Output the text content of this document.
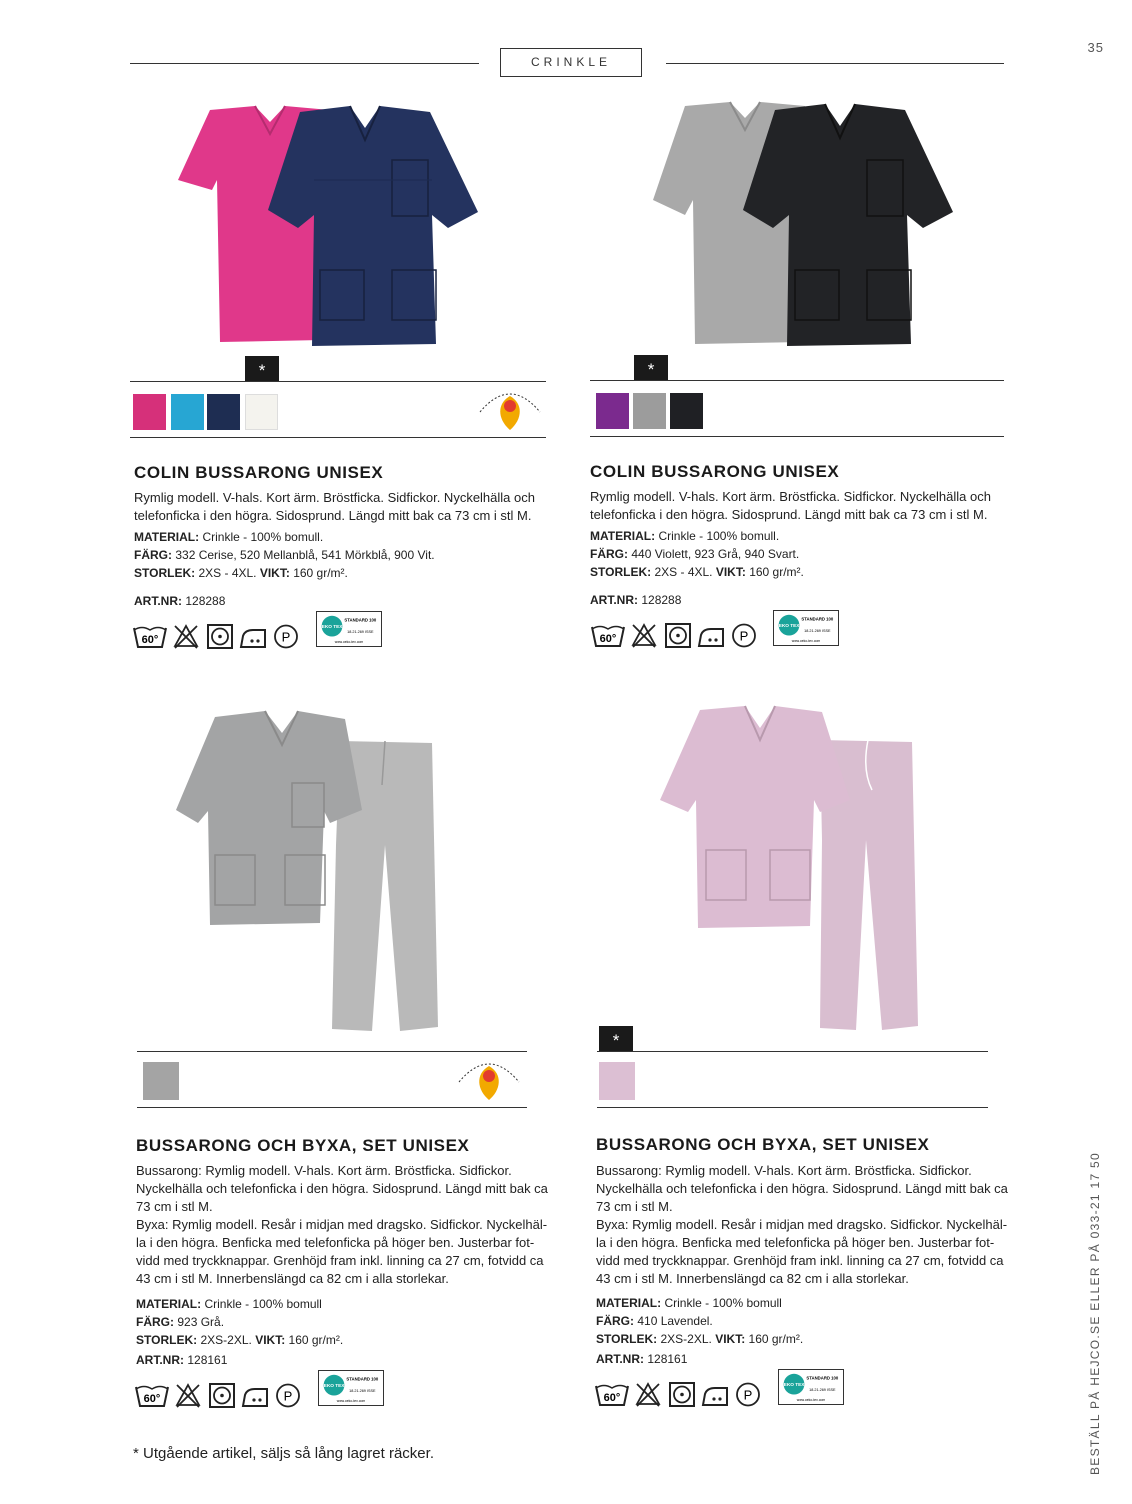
35
CRINKLE
*
COLIN BUSSARONG UNISEX
Rymlig modell. V-hals. Kort ärm. Bröstficka. Sidfickor. Nyckelhälla och telefonficka i den högra. Sidosprund. Längd mitt bak ca 73 cm i stl M.
MATERIAL: Crinkle - 100% bomull.
FÄRG: 332 Cerise, 520 Mellanblå, 541 Mörkblå, 900 Vit.
STORLEK: 2XS - 4XL. VIKT: 160 gr/m².
ART.NR: 128288
60°	P
OEKO TEX®
STANDARD 100
18.21.269 ISSE
www.oeko-tex.com
*
COLIN BUSSARONG UNISEX
Rymlig modell. V-hals. Kort ärm. Bröstficka. Sidfickor. Nyckelhälla och telefonficka i den högra. Sidosprund. Längd mitt bak ca 73 cm i stl M.
MATERIAL: Crinkle - 100% bomull.
FÄRG: 440 Violett, 923 Grå, 940 Svart.
STORLEK: 2XS - 4XL. VIKT: 160 gr/m².
ART.NR: 128288
60°	P
OEKO TEX®
STANDARD 100
18.21.269 ISSE
www.oeko-tex.com
BUSSARONG OCH BYXA, SET UNISEX
Bussarong: Rymlig modell. V-hals. Kort ärm. Bröstficka. Sidfickor. Nyckelhälla och telefonficka i den högra. Sidosprund. Längd mitt bak ca 73 cm i stl M.
Byxa: Rymlig modell. Resår i midjan med dragsko. Sidfickor. Nyckelhäl-la i den högra. Benficka med telefonficka på höger ben. Justerbar fot-vidd med tryckknappar. Grenhöjd fram inkl. linning ca 27 cm, fotvidd ca 43 cm i stl M. Innerbenslängd ca 82 cm i alla storlekar.
MATERIAL: Crinkle - 100% bomull
FÄRG: 923 Grå.
STORLEK: 2XS-2XL. VIKT: 160 gr/m².
ART.NR: 128161
60°	P
OEKO TEX®
STANDARD 100
18.21.269 ISSE
www.oeko-tex.com
*
BUSSARONG OCH BYXA, SET UNISEX
Bussarong: Rymlig modell. V-hals. Kort ärm. Bröstficka. Sidfickor. Nyckelhälla och telefonficka i den högra. Sidosprund. Längd mitt bak ca 73 cm i stl M.
Byxa: Rymlig modell. Resår i midjan med dragsko. Sidfickor. Nyckelhäl-la i den högra. Benficka med telefonficka på höger ben. Justerbar fot-vidd med tryckknappar. Grenhöjd fram inkl. linning ca 27 cm, fotvidd ca 43 cm i stl M. Innerbenslängd ca 82 cm i alla storlekar.
MATERIAL: Crinkle - 100% bomull
FÄRG: 410 Lavendel.
STORLEK: 2XS-2XL. VIKT: 160 gr/m².
ART.NR: 128161
60°	P
OEKO TEX®
STANDARD 100
18.21.269 ISSE
www.oeko-tex.com
* Utgående artikel, säljs så lång lagret räcker.	BESTÄLL PÅ HEJCO.SE ELLER PÅ 033-21 17 50
